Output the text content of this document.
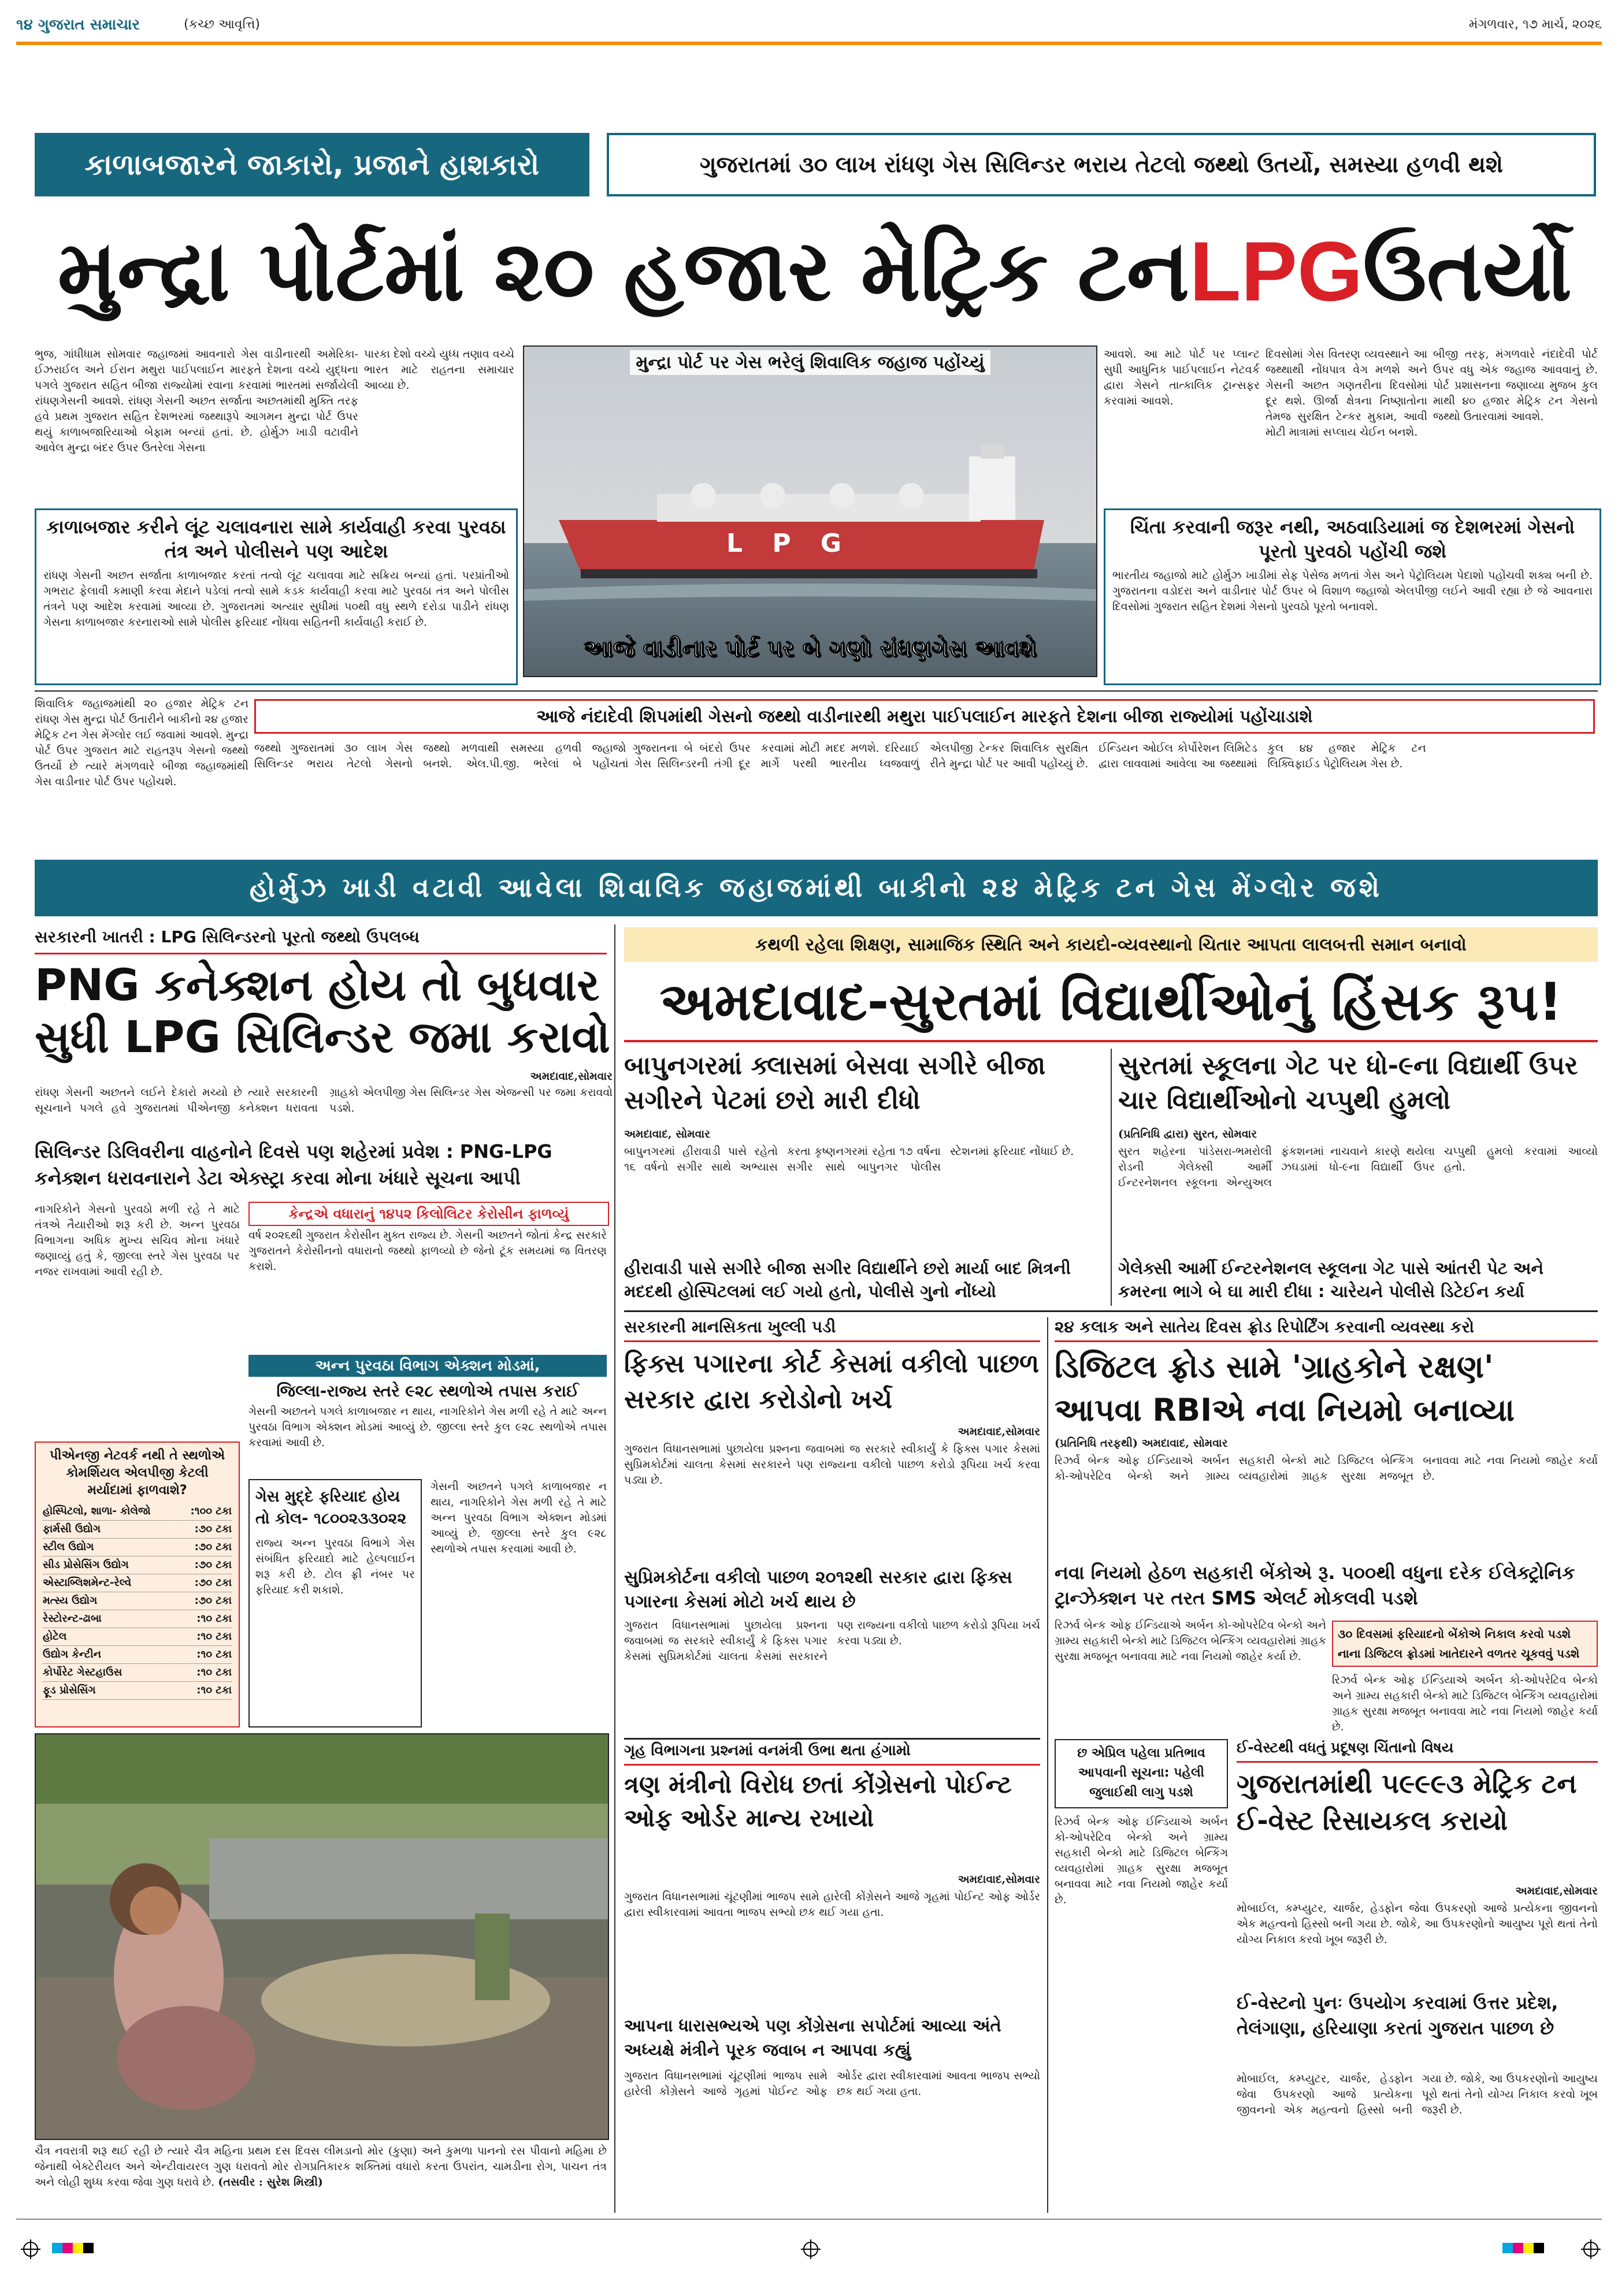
૧૪ ગુજરાત સમાચાર	(કચ્છ આવૃત્તિ)	મંગળવાર, ૧૭ માર્ચ, ૨૦૨૬
કાળાબજારને જાકારો, પ્રજાને હાશકારો	ગુજરાતમાં ૩૦ લાખ રાંધણ ગેસ સિલિન્ડર ભરાય તેટલો જથ્થો ઉતર્યો, સમસ્યા હળવી થશે
મુન્દ્રા પોર્ટમાં ૨૦ હજાર મેટ્રિક ટન LPG ઉતર્યો
ભુજ, ગાંધીધામ સોમવાર જહાજમાં આવનારો ગેસ વાડીનારથી અમેરિકા-ઈઝરાઈલ અને ઈરાન મથુરા પાઈપલાઈન મારફતે દેશના વચ્ચે યુદ્ધના પગલે ગુજરાત સહિત બીજા રાજ્યોમાં રવાના કરવામાં ભારતમાં સર્જાયેલી રાંધણગેસની આવશે. રાંધણ ગેસની અછત સર્જાતા અછતમાંથી મુક્તિ તરફ હવે પ્રથમ ગુજરાત સહિત દેશભરમાં જથ્થારૂપે આગમન મુન્દ્રા પોર્ટ ઉપર થયું કાળાબજારિયાઓ બેફામ બન્યાં હતાં. છે. હોર્મુઝ ખાડી વટાવીને આવેલ મુન્દ્રા બંદર ઉપર ઉતરેલા ગેસના
પારકા દેશો વચ્ચે યુધ્ધ તણાવ વચ્ચે ભારત માટે રાહતના સમાચાર આવ્યા છે.
L P G
મુન્દ્રા પોર્ટ પર ગેસ ભરેલું શિવાલિક જહાજ પહોંચ્યું
આજે વાડીનાર પોર્ટ પર બે ગણો રાંધણગેસ આવશે
આવશે. આ માટે પોર્ટ પર પ્લાન્ટ સુધી આધુનિક પાઈપલાઈન નેટવર્ક દ્વારા ગેસને તાત્કાલિક ટ્રાન્સફર કરવામાં આવશે.
દિવસોમાં ગેસ વિતરણ વ્યવસ્થાને આ જથ્થાથી નોંધપાત્ર વેગ મળશે અને ગેસની અછત ગણતરીના દિવસોમાં દૂર થશે. ઊર્જા ક્ષેત્રના નિષ્ણાતોના તેમજ સુરક્ષિત ટેન્કર મુકામ, આવી મોટી માત્રામાં સપ્લાય ચેઈન બનશે.
બીજી તરફ, મંગળવારે નંદાદેવી પોર્ટ ઉપર વધુ એક જહાજ આવવાનું છે. પોર્ટ પ્રશાસનના જણાવ્યા મુજબ કુલ માથી ૪૦ હજાર મેટ્રિક ટન ગેસનો જથ્થો ઉતારવામાં આવશે.
કાળાબજાર કરીને લૂંટ ચલાવનારા સામે કાર્યવાહી કરવા પુરવઠા તંત્ર અને પોલીસને પણ આદેશ
રાંધણ ગેસની અછત સર્જાતા કાળાબજાર કરતાં તત્વો લૂંટ ચલાવવા માટે સક્રિય બન્યાં હતાં. પરપ્રાંતીઓ ગભરાટ ફેલાવી કમાણી કરવા મેદાને પડેલાં તત્વો સામે કડક કાર્યવાહી કરવા માટે પુરવઠા તંત્ર અને પોલીસ તંત્રને પણ આદેશ કરવામાં આવ્યા છે. ગુજરાતમાં અત્યાર સુધીમાં ૫૦થી વધુ સ્થળે દરોડા પાડીને રાંધણ ગેસના કાળાબજાર કરનારાઓ સામે પોલીસ ફરિયાદ નોંધવા સહિતની કાર્યવાહી કરાઈ છે.
ચિંતા કરવાની જરૂર નથી, અઠવાડિયામાં જ દેશભરમાં ગેસનો પૂરતો પુરવઠો પહોંચી જશે
ભારતીય જહાજો માટે હોર્મુઝ ખાડીમાં સેફ પેસેજ મળતાં ગેસ અને પેટ્રોલિયમ પેદાશો પહોંચવી શક્ય બની છે. ગુજરાતના વડોદરા અને વાડીનાર પોર્ટ ઉપર બે વિશાળ જહાજો એલપીજી લઈને આવી રહ્યા છે જે આવનારા દિવસોમાં ગુજરાત સહિત દેશમાં ગેસનો પુરવઠો પૂરતો બનાવશે.
શિવાલિક જહાજમાંથી ૨૦ હજાર મેટ્રિક ટન રાંધણ ગેસ મુન્દ્રા પોર્ટ ઉતારીને બાકીનો ૨૪ હજાર મેટ્રિક ટન ગેસ મેંગ્લોર લઈ જવામાં આવશે. મુન્દ્રા પોર્ટ ઉપર ગુજરાત માટે રાહતરૂપ ગેસનો જથ્થો ઉતર્યો છે ત્યારે મંગળવારે બીજા જહાજમાંથી ગેસ વાડીનાર પોર્ટ ઉપર પહોંચશે.
આજે નંદાદેવી શિપમાંથી ગેસનો જથ્થો વાડીનારથી મથુરા પાઈપલાઈન મારફતે દેશના બીજા રાજ્યોમાં પહોંચાડાશે
જથ્થો ગુજરાતમાં ૩૦ લાખ ગેસ સિલિન્ડર ભરાય તેટલો ગેસનો જથ્થો મળવાથી સમસ્યા હળવી બનશે. એલ.પી.જી. ભરેલાં બે જહાજો ગુજરાતના બે બંદરો ઉપર પહોંચતાં ગેસ સિલિન્ડરની તંગી દૂર કરવામાં મોટી મદદ મળશે. દરિયાઈ માર્ગે પરથી ભારતીય ધ્વજવાળું એલપીજી ટેન્કર શિવાલિક સુરક્ષિત રીતે મુન્દ્રા પોર્ટ પર આવી પહોંચ્યું છે. ઈન્ડિયન ઓઈલ કોર્પોરેશન લિમિટેડ દ્વારા લાવવામાં આવેલા આ જથ્થામાં કુલ ૪૪ હજાર મેટ્રિક ટન લિક્વિફાઈડ પેટ્રોલિયમ ગેસ છે.
હોર્મુઝ ખાડી વટાવી આવેલા શિવાલિક જહાજમાંથી બાકીનો ૨૪ મેટ્રિક ટન ગેસ મેંગ્લોર જશે
સરકારની ખાતરી : LPG સિલિન્ડરનો પૂરતો જથ્થો ઉપલબ્ધ
PNG કનેક્શન હોય તો બુધવાર
સુધી LPG સિલિન્ડર જમા કરાવો
અમદાવાદ,સોમવાર
રાંધણ ગેસની અછતને લઈને દેકારો મચ્યો છે ત્યારે સરકારની સૂચનાને પગલે હવે ગુજરાતમાં પીએનજી કનેક્શન ધરાવતા ગ્રાહકો એલપીજી ગેસ સિલિન્ડર ગેસ એજન્સી પર જમા કરાવવો પડશે.
સિલિન્ડર ડિલિવરીના વાહનોને દિવસે પણ શહેરમાં પ્રવેશ : PNG-LPG કનેક્શન ધરાવનારાને ડેટા એક્સ્ટ્રા કરવા મોના ખંધારે સૂચના આપી
નાગરિકોને ગેસનો પુરવઠો મળી રહે તે માટે તંત્રએ તૈયારીઓ શરૂ કરી છે. અન્ન પુરવઠા વિભાગના અધિક મુખ્ય સચિવ મોના ખંધારે જણાવ્યું હતું કે, જીલ્લા સ્તરે ગેસ પુરવઠા પર નજર રાખવામાં આવી રહી છે.
કેન્દ્રએ વધારાનું ૧૪૫૨ કિલોલિટર કેરોસીન ફાળવ્યું
વર્ષ ૨૦૨૬થી ગુજરાત કેરોસીન મુક્ત રાજ્ય છે. ગેસની અછતને જોતાં કેન્દ્ર સરકારે ગુજરાતને કેરોસીનનો વધારાનો જથ્થો ફાળવ્યો છે જેનો ટૂંક સમયમાં જ વિતરણ કરાશે.
અન્ન પુરવઠા વિભાગ એક્શન મોડમાં,
જિલ્લા-રાજ્ય સ્તરે ૯૨૮ સ્થળોએ તપાસ કરાઈ
ગેસની અછતને પગલે કાળાબજાર ન થાય, નાગરિકોને ગેસ મળી રહે તે માટે અન્ન પુરવઠા વિભાગ એક્શન મોડમાં આવ્યું છે. જીલ્લા સ્તરે કુલ ૯૨૮ સ્થળોએ તપાસ કરવામાં આવી છે.
પીએનજી નેટવર્ક નથી તે સ્થળોએ કોમર્શિયલ એલપીજી કેટલી મર્યાદામાં ફાળવાશે?
હોસ્પિટલો, શાળા- કોલેજો	:૧૦૦ ટકા
ફાર્મસી ઉદ્યોગ	:૭૦ ટકા
સ્ટીલ ઉદ્યોગ	:૭૦ ટકા
સીડ પ્રોસેસિંગ ઉદ્યોગ	:૭૦ ટકા
એસ્ટાબ્લિશમેન્ટ-રેલ્વે	:૭૦ ટકા
મત્સ્ય ઉદ્યોગ	:૭૦ ટકા
રેસ્ટોરન્ટ-ઢાબા	:૧૦ ટકા
હોટેલ	:૧૦ ટકા
ઉદ્યોગ કેન્ટીન	:૧૦ ટકા
કોર્પોરેટ ગેસ્ટહાઉસ	:૧૦ ટકા
ફૂડ પ્રોસેસિંગ	:૧૦ ટકા
ગેસ મુદ્દે ફરિયાદ હોય તો કોલ- ૧૮૦૦૨૩૩૦૨૨
રાજ્ય અન્ન પુરવઠા વિભાગે ગેસ સંબંધિત ફરિયાદો માટે હેલ્પલાઈન શરૂ કરી છે. ટોલ ફ્રી નંબર પર ફરિયાદ કરી શકાશે.
ગેસની અછતને પગલે કાળાબજાર ન થાય, નાગરિકોને ગેસ મળી રહે તે માટે અન્ન પુરવઠા વિભાગ એક્શન મોડમાં આવ્યું છે. જીલ્લા સ્તરે કુલ ૯૨૮ સ્થળોએ તપાસ કરવામાં આવી છે.
ચૈત્ર નવરાત્રી શરૂ થઈ રહી છે ત્યારે ચૈત્ર મહિના પ્રથમ દસ દિવસ લીમડાનો મોર (કુણા) અને કુમળા પાનનો રસ પીવાનો મહિમા છે જેનાથી બેક્ટેરીયલ અને એન્ટીવાયરલ ગુણ ધરાવતો મોર રોગપ્રતિકારક શક્તિમાં વધારો કરતા ઉપરાંત, ચામડીના રોગ, પાચન તંત્ર અને લોહી શુધ્ધ કરવા જેવા ગુણ ધરાવે છે. (તસવીર : સુરેશ મિસ્ત્રી)
કથળી રહેલા શિક્ષણ, સામાજિક સ્થિતિ અને કાયદો-વ્યવસ્થાનો ચિતાર આપતા લાલબત્તી સમાન બનાવો
અમદાવાદ-સુરતમાં વિદ્યાર્થીઓનું હિંસક રૂપ!
બાપુનગરમાં ક્લાસમાં બેસવા સગીરે બીજા સગીરને પેટમાં છરો મારી દીધો
અમદાવાદ, સોમવાર
બાપુનગરમાં હીરાવાડી પાસે રહેતો ૧૬ વર્ષનો સગીર સાથે અભ્યાસ કરતા કૃષ્ણનગરમાં રહેતા ૧૭ વર્ષના સગીર સાથે બાપુનગર પોલીસ સ્ટેશનમાં ફરિયાદ નોંધાઈ છે.
હીરાવાડી પાસે સગીરે બીજા સગીર વિદ્યાર્થીને છરો માર્યા બાદ મિત્રની મદદથી હોસ્પિટલમાં લઈ ગયો હતો, પોલીસે ગુનો નોંધ્યો
સુરતમાં સ્કૂલના ગેટ પર ધો-૯ના વિદ્યાર્થી ઉપર ચાર વિદ્યાર્થીઓનો ચપ્પુથી હુમલો
(પ્રતિનિધિ દ્વારા) સુરત, સોમવાર
સુરત શહેરના પાંડેસરા-ભમરોલી રોડની ગેલેક્સી આર્મી ઈન્ટરનેશનલ સ્કૂલના એન્યુઅલ ફંકશનમાં નાચવાને કારણે થયેલા ઝઘડામાં ધો-૯ના વિદ્યાર્થી ઉપર ચપ્પુથી હુમલો કરવામાં આવ્યો હતો.
ગેલેક્સી આર્મી ઈન્ટરનેશનલ સ્કૂલના ગેટ પાસે આંતરી પેટ અને કમરના ભાગે બે ઘા મારી દીધા : ચારેયને પોલીસે ડિટેઈન કર્યા
સરકારની માનસિકતા ખુલ્લી પડી
ફિક્સ પગારના કોર્ટ કેસમાં વકીલો પાછળ સરકાર દ્વારા કરોડોનો ખર્ચ
અમદાવાદ,સોમવાર
ગુજરાત વિધાનસભામાં પુછાયેલા પ્રશ્નના જવાબમાં જ સરકારે સ્વીકાર્યું કે ફિક્સ પગાર કેસમાં સુપ્રિમકોર્ટમાં ચાલતા કેસમાં સરકારને પણ રાજ્યના વકીલો પાછળ કરોડો રૂપિયા ખર્ચ કરવા પડ્યા છે.
સુપ્રિમકોર્ટના વકીલો પાછળ ૨૦૧૨થી સરકાર દ્વારા ફિક્સ પગારના કેસમાં મોટો ખર્ચ થાય છે
ગુજરાત વિધાનસભામાં પુછાયેલા પ્રશ્નના જવાબમાં જ સરકારે સ્વીકાર્યું કે ફિક્સ પગાર કેસમાં સુપ્રિમકોર્ટમાં ચાલતા કેસમાં સરકારને પણ રાજ્યના વકીલો પાછળ કરોડો રૂપિયા ખર્ચ કરવા પડ્યા છે.
૨૪ કલાક અને સાતેય દિવસ ફ્રોડ રિપોર્ટિંગ કરવાની વ્યવસ્થા કરો
ડિજિટલ ફ્રોડ સામે 'ગ્રાહકોને રક્ષણ'
આપવા RBIએ નવા નિયમો બનાવ્યા
(પ્રતિનિધિ તરફથી) અમદાવાદ, સોમવાર
રિઝર્વ બેન્ક ઓફ ઈન્ડિયાએ અર્બન કો-ઓપરેટિવ બેન્કો અને ગ્રામ્ય સહકારી બેન્કો માટે ડિજિટલ બેન્કિંગ વ્યવહારોમાં ગ્રાહક સુરક્ષા મજબૂત બનાવવા માટે નવા નિયમો જાહેર કર્યા છે.
નવા નિયમો હેઠળ સહકારી બેંકોએ રૂ. ૫૦૦થી વધુના દરેક ઈલેક્ટ્રોનિક ટ્રાન્ઝેક્શન પર તરત SMS એલર્ટ મોકલવી પડશે
રિઝર્વ બેન્ક ઓફ ઈન્ડિયાએ અર્બન કો-ઓપરેટિવ બેન્કો અને ગ્રામ્ય સહકારી બેન્કો માટે ડિજિટલ બેન્કિંગ વ્યવહારોમાં ગ્રાહક સુરક્ષા મજબૂત બનાવવા માટે નવા નિયમો જાહેર કર્યા છે.
૩૦ દિવસમાં ફરિયાદનો બેંકોએ નિકાલ કરવો પડશે નાના ડિજિટલ ફ્રોડમાં ખાતેદારને વળતર ચૂકવવું પડશે
રિઝર્વ બેન્ક ઓફ ઈન્ડિયાએ અર્બન કો-ઓપરેટિવ બેન્કો અને ગ્રામ્ય સહકારી બેન્કો માટે ડિજિટલ બેન્કિંગ વ્યવહારોમાં ગ્રાહક સુરક્ષા મજબૂત બનાવવા માટે નવા નિયમો જાહેર કર્યા છે.
ગૃહ વિભાગના પ્રશ્નમાં વનમંત્રી ઉભા થતા હંગામો
ત્રણ મંત્રીનો વિરોધ છતાં કોંગ્રેસનો પોઈન્ટ ઓફ ઓર્ડર માન્ય રખાયો
અમદાવાદ,સોમવાર
ગુજરાત વિધાનસભામાં ચૂંટણીમાં ભાજપ સામે હારેલી કોંગ્રેસને આજે ગૃહમાં પોઈન્ટ ઓફ ઓર્ડર દ્વારા સ્વીકારવામાં આવતા ભાજપ સભ્યો છક થઈ ગયા હતા.
આપના ધારાસભ્યએ પણ કોંગ્રેસના સપોર્ટમાં આવ્યા અંતે અધ્યક્ષે મંત્રીને પૂરક જવાબ ન આપવા કહ્યું
ગુજરાત વિધાનસભામાં ચૂંટણીમાં ભાજપ સામે હારેલી કોંગ્રેસને આજે ગૃહમાં પોઈન્ટ ઓફ ઓર્ડર દ્વારા સ્વીકારવામાં આવતા ભાજપ સભ્યો છક થઈ ગયા હતા.
છ એપ્રિલ પહેલા પ્રતિભાવ આપવાની સૂચના: પહેલી જુલાઈથી લાગુ પડશે
રિઝર્વ બેન્ક ઓફ ઈન્ડિયાએ અર્બન કો-ઓપરેટિવ બેન્કો અને ગ્રામ્ય સહકારી બેન્કો માટે ડિજિટલ બેન્કિંગ વ્યવહારોમાં ગ્રાહક સુરક્ષા મજબૂત બનાવવા માટે નવા નિયમો જાહેર કર્યા છે.
ઈ-વેસ્ટથી વધતું પ્રદૂષણ ચિંતાનો વિષય
ગુજરાતમાંથી ૫૯૯૯૩ મેટ્રિક ટન ઈ-વેસ્ટ રિસાયકલ કરાયો
અમદાવાદ,સોમવાર
મોબાઈલ, કમ્પ્યુટર, ચાર્જર, હેડફોન જેવા ઉપકરણો આજે પ્રત્યેકના જીવનનો એક મહત્વનો હિસ્સો બની ગયા છે. જોકે, આ ઉપકરણોનો આયુષ્ય પૂરો થતાં તેનો યોગ્ય નિકાલ કરવો ખૂબ જરૂરી છે.
ઈ-વેસ્ટનો પુનઃ ઉપયોગ કરવામાં ઉત્તર પ્રદેશ, તેલંગાણા, હરિયાણા કરતાં ગુજરાત પાછળ છે
મોબાઈલ, કમ્પ્યુટર, ચાર્જર, હેડફોન જેવા ઉપકરણો આજે પ્રત્યેકના જીવનનો એક મહત્વનો હિસ્સો બની ગયા છે. જોકે, આ ઉપકરણોનો આયુષ્ય પૂરો થતાં તેનો યોગ્ય નિકાલ કરવો ખૂબ જરૂરી છે.
